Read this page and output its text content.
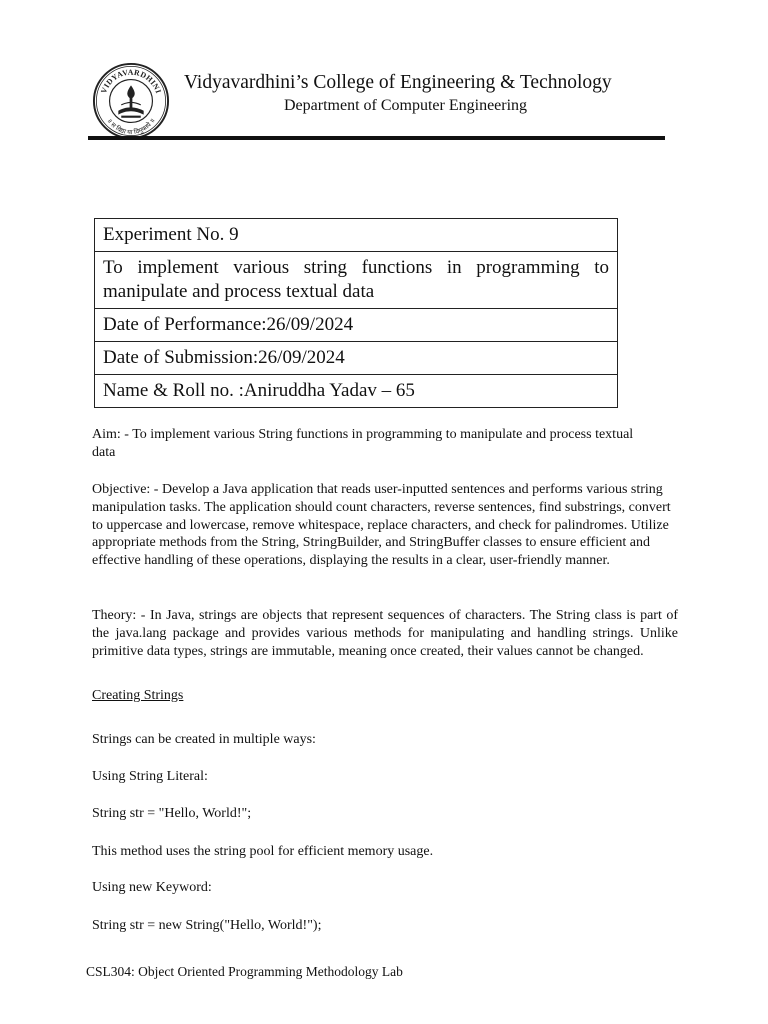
VIDYAVARDHINI
॥ स विद्या या विमुक्तये ॥
Vidyavardhini’s College of Engineering & Technology
Department of Computer Engineering
Experiment No. 9
To implement various string functions in programming to manipulate and process textual data
Date of Performance:26/09/2024
Date of Submission:26/09/2024
Name & Roll no. :Aniruddha Yadav – 65
Aim: - To implement various String functions in programming to manipulate and process textual data
Objective: - Develop a Java application that reads user-inputted sentences and performs various string manipulation tasks. The application should count characters, reverse sentences, find substrings, convert to uppercase and lowercase, remove whitespace, replace characters, and check for palindromes. Utilize appropriate methods from the String, StringBuilder, and StringBuffer classes to ensure efficient and effective handling of these operations, displaying the results in a clear, user-friendly manner.
Theory: - In Java, strings are objects that represent sequences of characters. The String class is part of the java.lang package and provides various methods for manipulating and handling strings. Unlike primitive data types, strings are immutable, meaning once created, their values cannot be changed.
Creating Strings
Strings can be created in multiple ways:
Using String Literal:
String str = "Hello, World!";
This method uses the string pool for efficient memory usage.
Using new Keyword:
String str = new String("Hello, World!");
CSL304: Object Oriented Programming Methodology Lab
